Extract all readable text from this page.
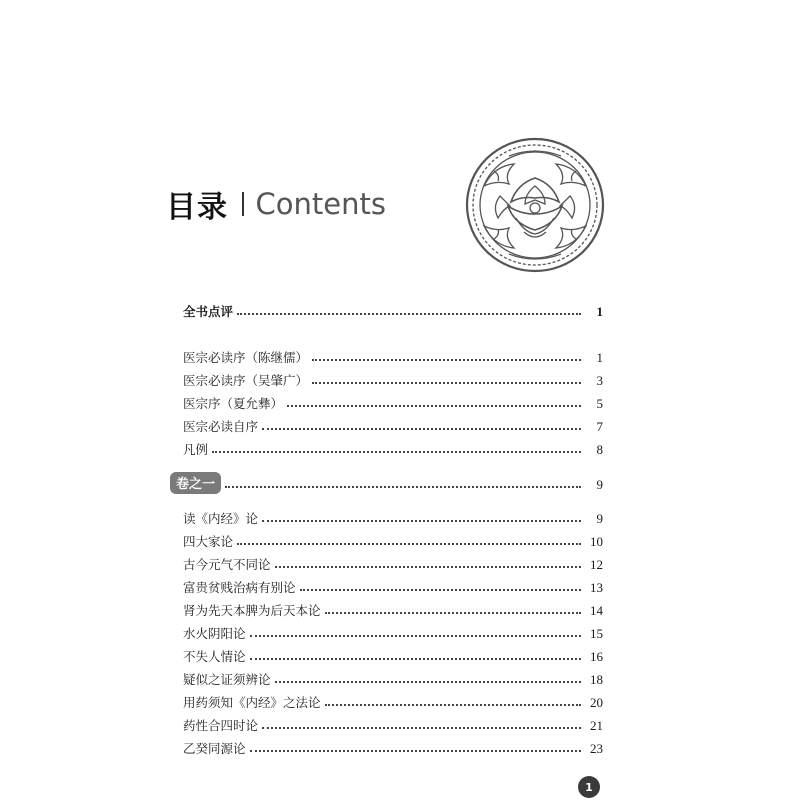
目录 Contents
全书点评	1
医宗必读序（陈继儒）	1
医宗必读序（吴肇广）	3
医宗序（夏允彝）	5
医宗必读自序	7
凡例	8
卷之一	9
读《内经》论	9
四大家论	10
古今元气不同论	12
富贵贫贱治病有别论	13
肾为先天本脾为后天本论	14
水火阴阳论	15
不失人情论	16
疑似之证须辨论	18
用药须知《内经》之法论	20
药性合四时论	21
乙癸同源论	23
1
